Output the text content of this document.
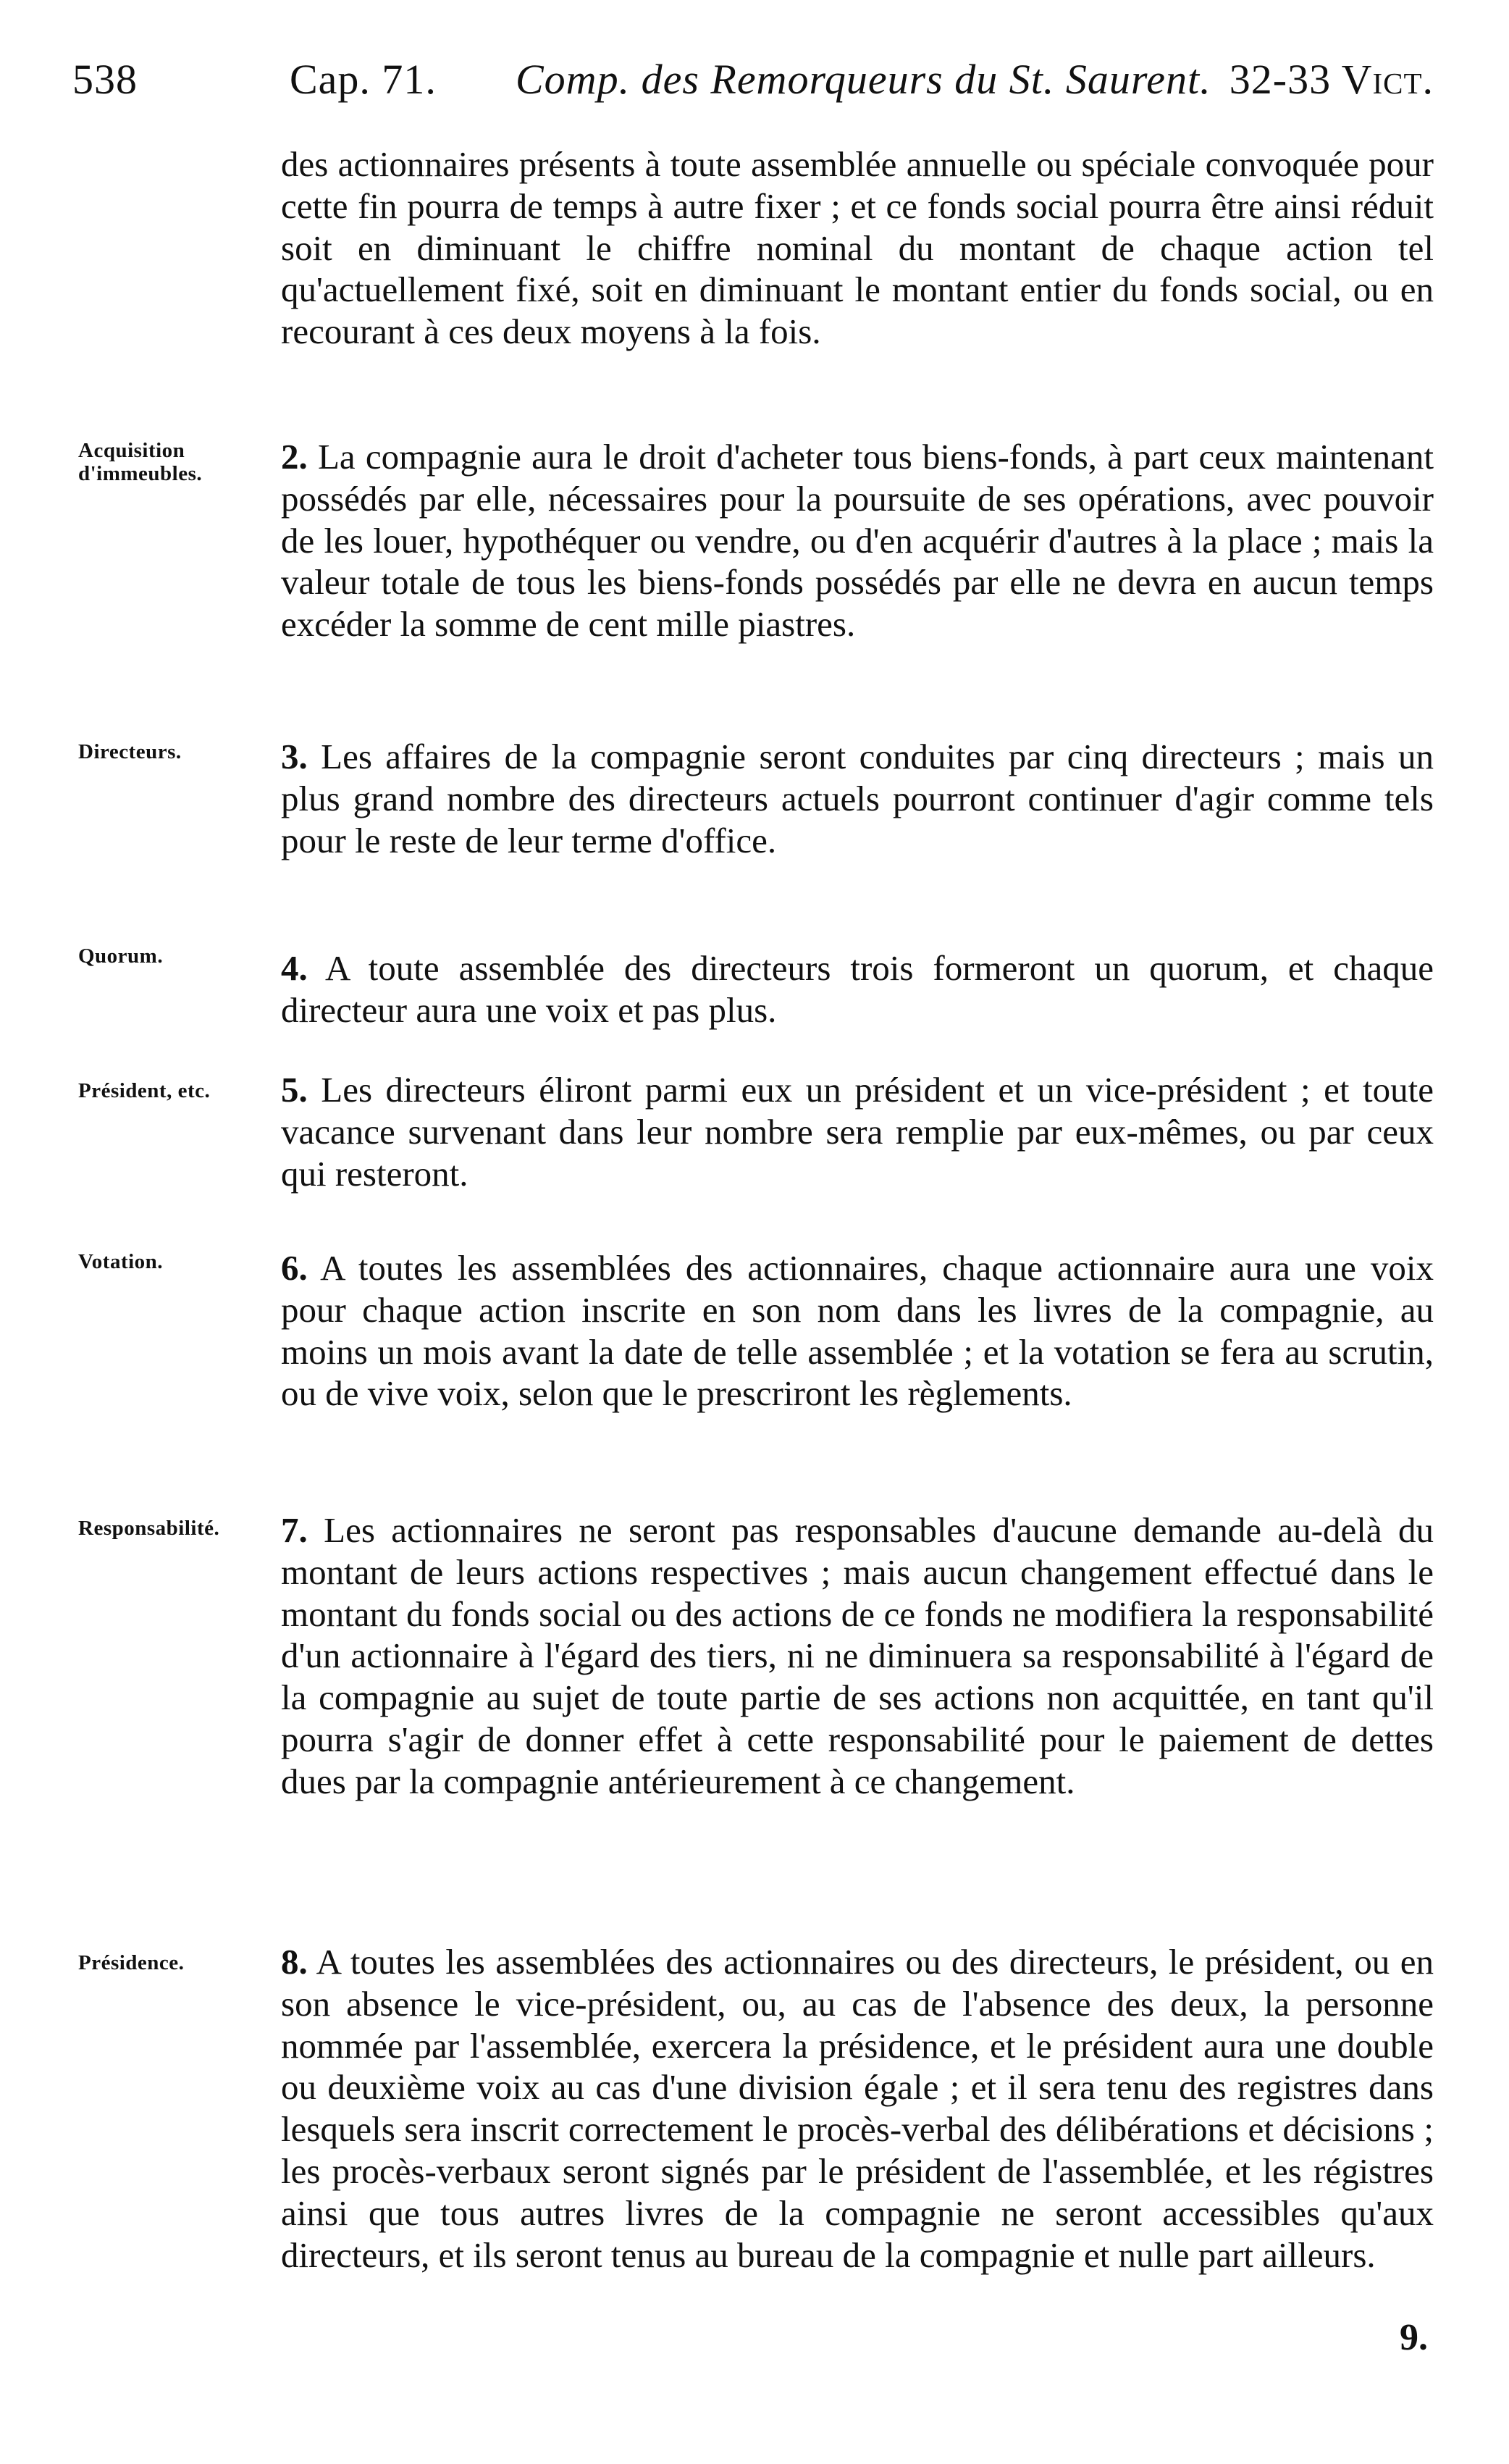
538	Cap. 71. Comp. des Remorqueurs du St. Saurent. 32-33 Vict.
des actionnaires présents à toute assemblée annuelle ou spéciale convoquée pour cette fin pourra de temps à autre fixer ; et ce fonds social pourra être ainsi réduit soit en diminuant le chiffre nominal du montant de chaque action tel qu'actuellement fixé, soit en diminuant le montant entier du fonds social, ou en recourant à ces deux moyens à la fois.
Acquisition d'immeubles.	2. La compagnie aura le droit d'acheter tous biens-fonds, à part ceux maintenant possédés par elle, nécessaires pour la poursuite de ses opérations, avec pouvoir de les louer, hypothéquer ou vendre, ou d'en acquérir d'autres à la place ; mais la valeur totale de tous les biens-fonds possédés par elle ne devra en aucun temps excéder la somme de cent mille piastres.
Directeurs.	3. Les affaires de la compagnie seront conduites par cinq directeurs ; mais un plus grand nombre des directeurs actuels pourront continuer d'agir comme tels pour le reste de leur terme d'office.
Quorum.	4. A toute assemblée des directeurs trois formeront un quorum, et chaque directeur aura une voix et pas plus.
Président, etc.	5. Les directeurs éliront parmi eux un président et un vice-président ; et toute vacance survenant dans leur nombre sera remplie par eux-mêmes, ou par ceux qui resteront.
Votation.	6. A toutes les assemblées des actionnaires, chaque actionnaire aura une voix pour chaque action inscrite en son nom dans les livres de la compagnie, au moins un mois avant la date de telle assemblée ; et la votation se fera au scrutin, ou de vive voix, selon que le prescriront les règlements.
Responsabilité. 7. Les actionnaires ne seront pas responsables d'aucune demande au-delà du montant de leurs actions respectives ; mais aucun changement effectué dans le montant du fonds social ou des actions de ce fonds ne modifiera la responsabilité d'un actionnaire à l'égard des tiers, ni ne diminuera sa responsabilité à l'égard de la compagnie au sujet de toute partie de ses actions non acquittée, en tant qu'il pourra s'agir de donner effet à cette responsabilité pour le paiement de dettes dues par la compagnie antérieurement à ce changement.
Présidence.	8. A toutes les assemblées des actionnaires ou des directeurs, le président, ou en son absence le vice-président, ou, au cas de l'absence des deux, la personne nommée par l'assemblée, exercera la présidence, et le président aura une double ou deuxième voix au cas d'une division égale ; et il sera tenu des registres dans lesquels sera inscrit correctement le procès-verbal des délibérations et décisions ; les procès-verbaux seront signés par le président de l'assemblée, et les régistres ainsi que tous autres livres de la compagnie ne seront accessibles qu'aux directeurs, et ils seront tenus au bureau de la compagnie et nulle part ailleurs.
9.
